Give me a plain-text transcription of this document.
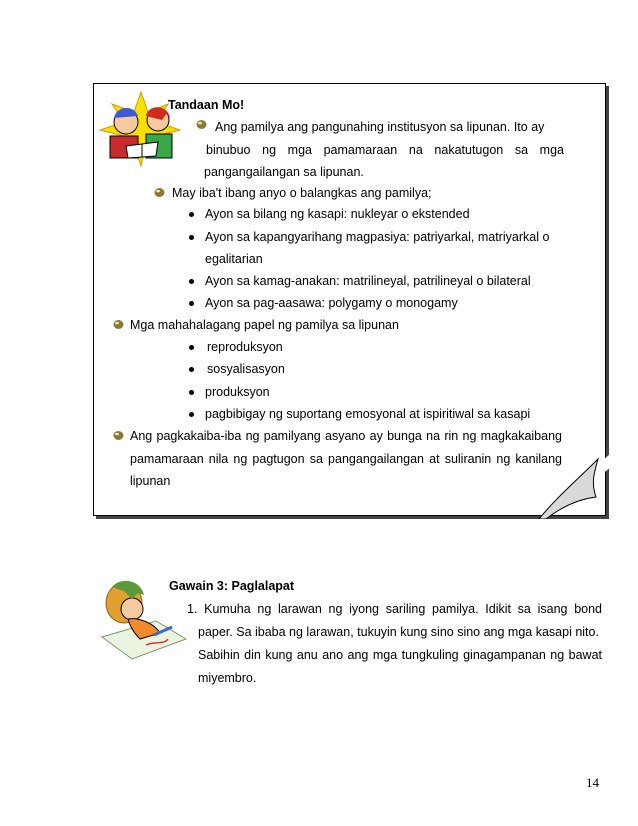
Tandaan Mo!
Ang pamilya ang pangunahing institusyon sa lipunan. Ito ay
binubuo ng mga pamamaraan na nakatutugon sa mga
pangangailangan sa lipunan.
May iba't ibang anyo o balangkas ang pamilya;
Ayon sa bilang ng kasapi: nukleyar o ekstended
Ayon sa kapangyarihang magpasiya: patriyarkal, matriyarkal o
egalitarian
Ayon sa kamag-anakan: matrilineyal, patrilineyal o bilateral
Ayon sa pag-aasawa: polygamy o monogamy
Mga mahahalagang papel ng pamilya sa lipunan
reproduksyon
sosyalisasyon
produksyon
pagbibigay ng suportang emosyonal at ispiritiwal sa kasapi
Ang pagkakaiba-iba ng pamilyang asyano ay bunga na rin ng magkakaibang
pamamaraan nila ng pagtugon sa pangangailangan at suliranin ng kanilang
lipunan
Gawain 3: Paglalapat
1. Kumuha ng larawan ng iyong sariling pamilya. Idikit sa isang bond
paper. Sa ibaba ng larawan, tukuyin kung sino sino ang mga kasapi nito.
Sabihin din kung anu ano ang mga tungkuling ginagampanan ng bawat
miyembro.
14
